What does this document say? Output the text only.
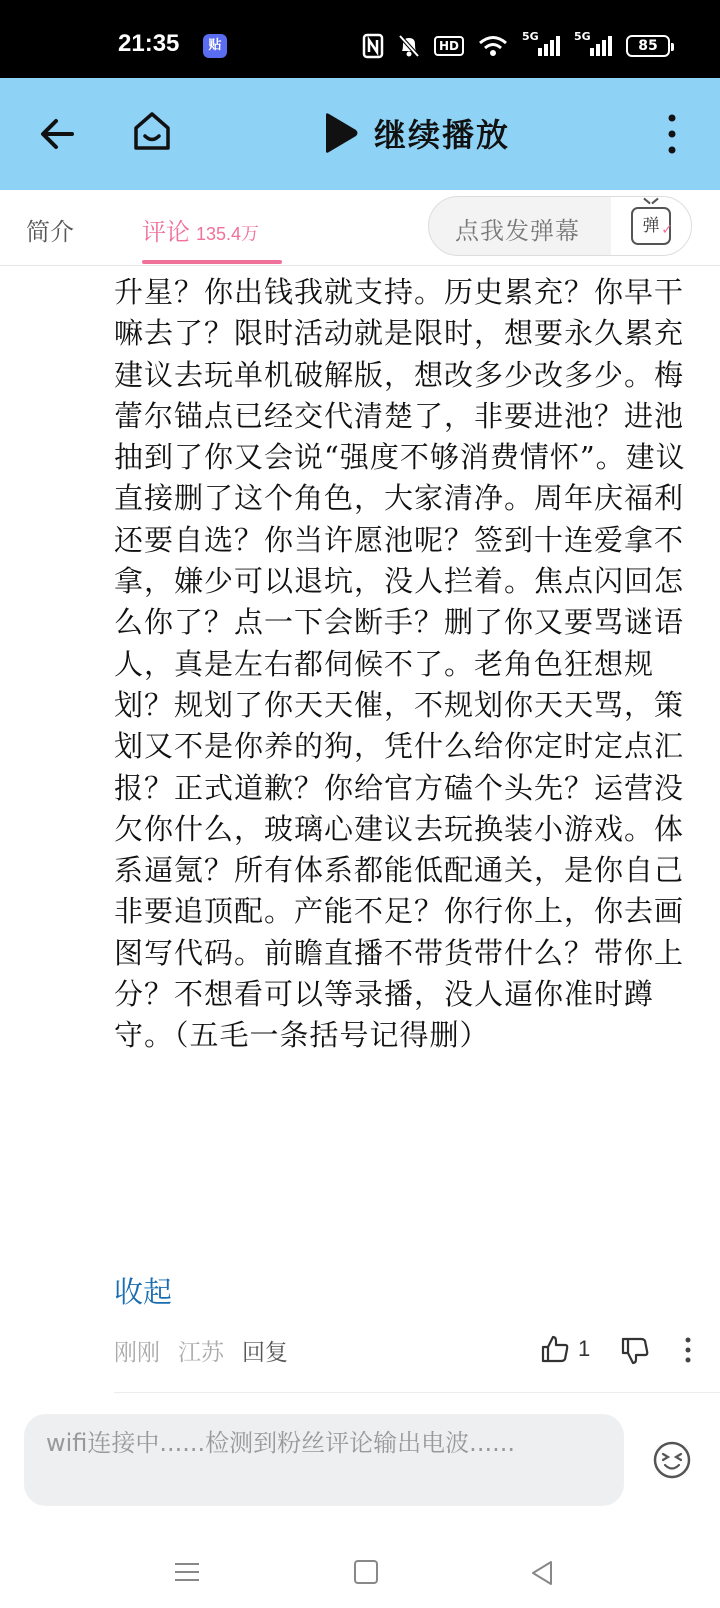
21:35	贴	HD
5G	5G
85
继续播放
简介	评论 135.4万	点我发弹幕	弹 ✓
升星？你出钱我就支持。历史累充？你早干嘛去了？限时活动就是限时，想要永久累充建议去玩单机破解版，想改多少改多少。梅蕾尔锚点已经交代清楚了，非要进池？进池抽到了你又会说“强度不够消费情怀”。建议直接删了这个角色，大家清净。周年庆福利还要自选？你当许愿池呢？签到十连爱拿不拿，嫌少可以退坑，没人拦着。焦点闪回怎么你了？点一下会断手？删了你又要骂谜语人，真是左右都伺候不了。老角色狂想规划？规划了你天天催，不规划你天天骂，策划又不是你养的狗，凭什么给你定时定点汇报？正式道歉？你给官方磕个头先？运营没欠你什么，玻璃心建议去玩换装小游戏。体系逼氪？所有体系都能低配通关，是你自己非要追顶配。产能不足？你行你上，你去画图写代码。前瞻直播不带货带什么？带你上分？不想看可以等录播，没人逼你准时蹲守。（五毛一条括号记得删）
收起
刚刚 江苏 回复	1
wifi连接中......检测到粉丝评论输出电波......
